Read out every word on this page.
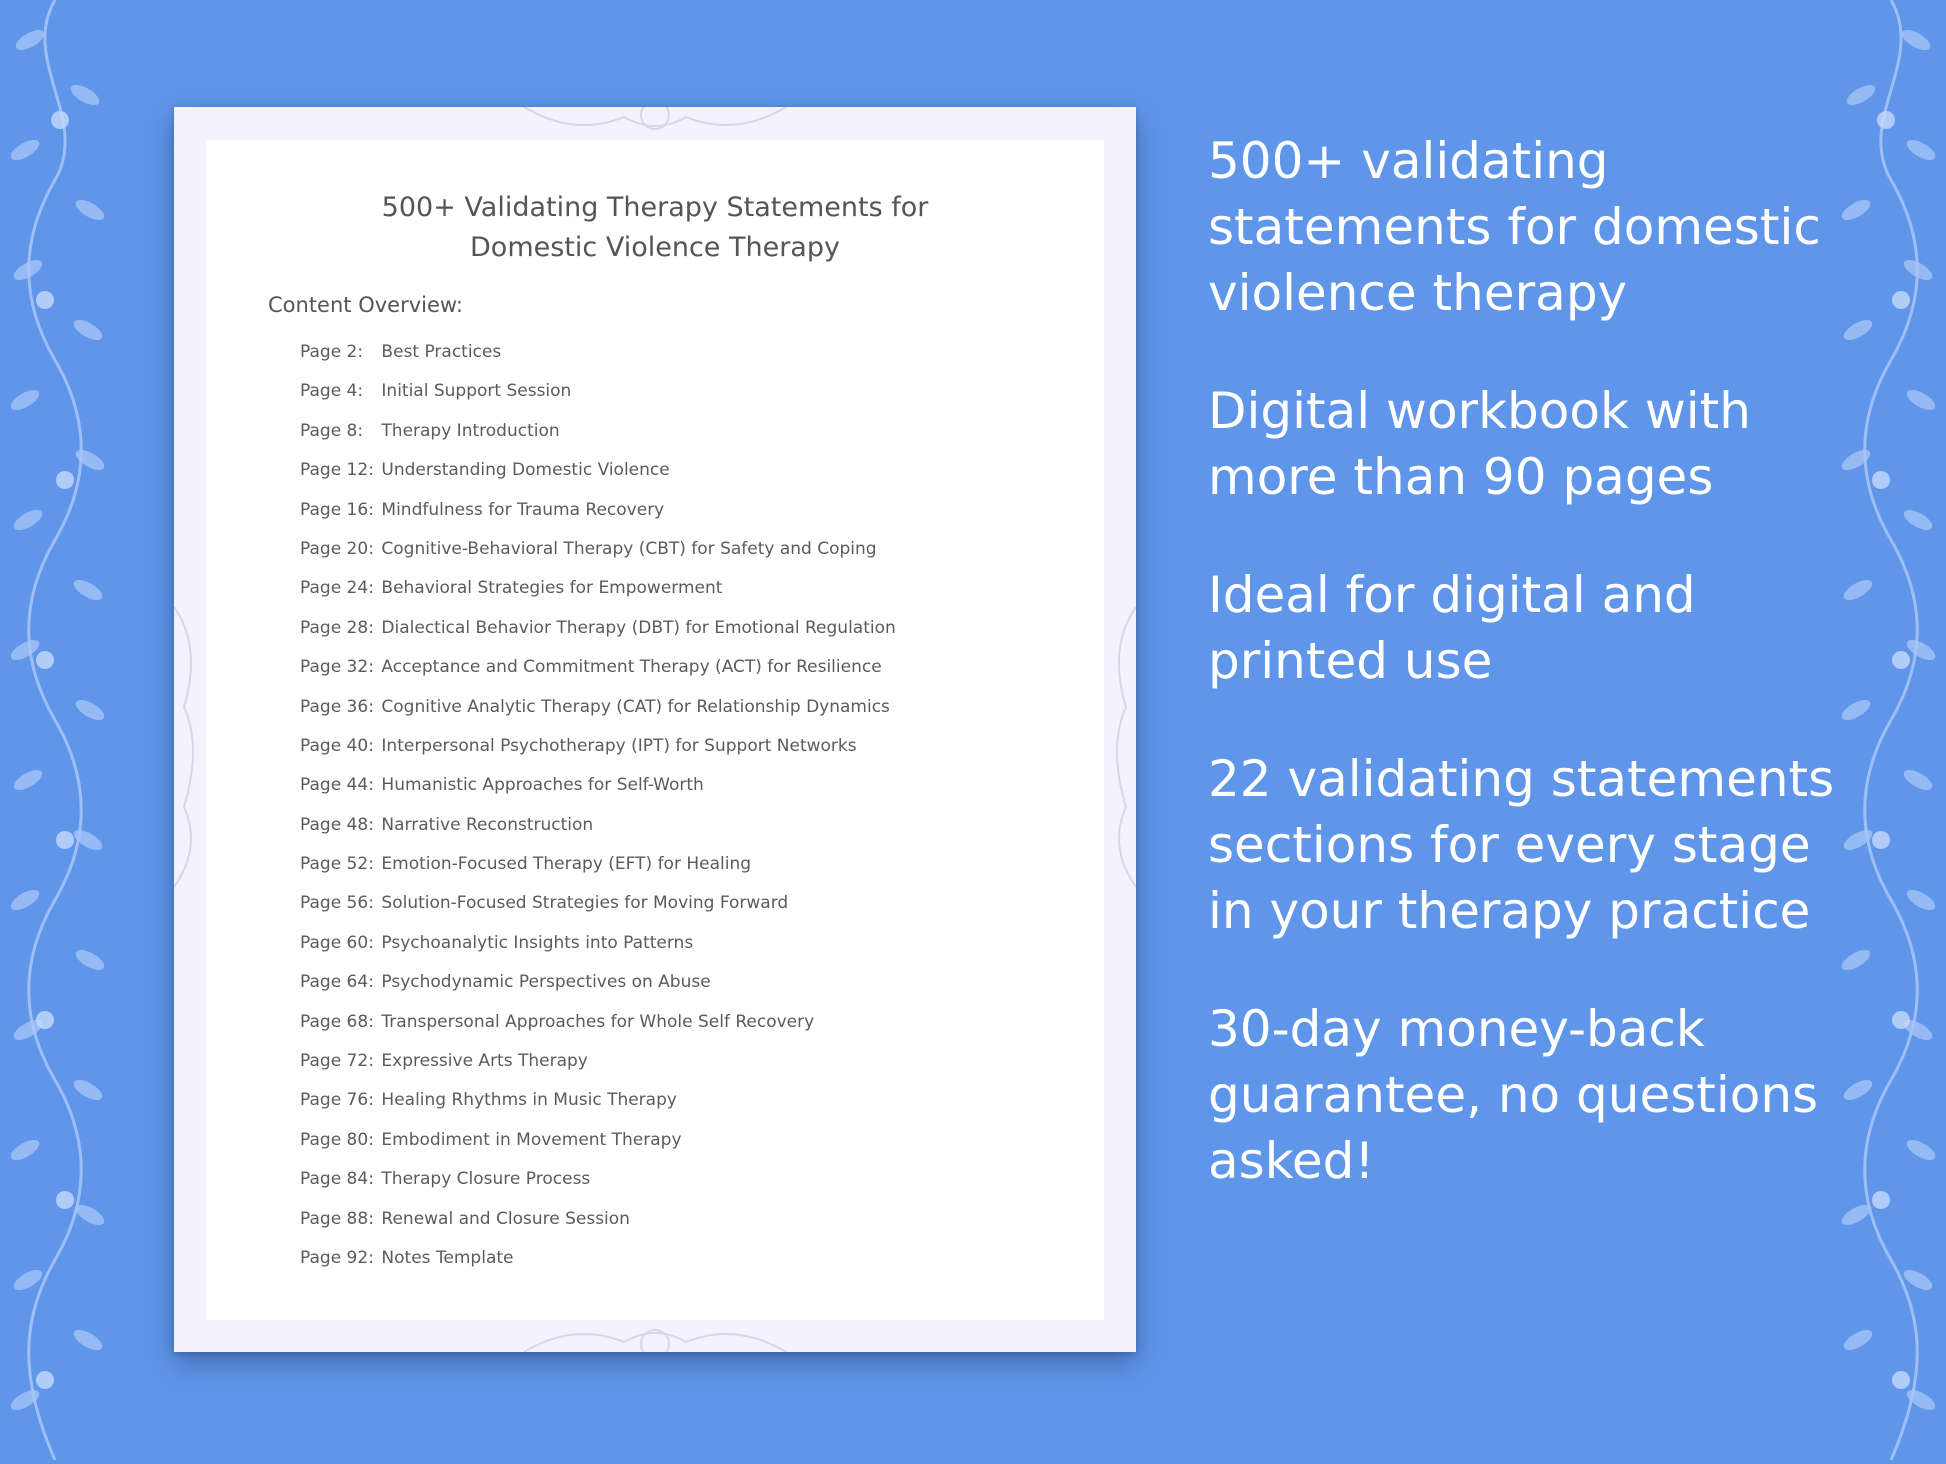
500+ Validating Therapy Statements for
Domestic Violence Therapy
Content Overview:
Page 2: Best Practices
Page 4: Initial Support Session
Page 8: Therapy Introduction
Page 12: Understanding Domestic Violence
Page 16: Mindfulness for Trauma Recovery
Page 20: Cognitive-Behavioral Therapy (CBT) for Safety and Coping
Page 24: Behavioral Strategies for Empowerment
Page 28: Dialectical Behavior Therapy (DBT) for Emotional Regulation
Page 32: Acceptance and Commitment Therapy (ACT) for Resilience
Page 36: Cognitive Analytic Therapy (CAT) for Relationship Dynamics
Page 40: Interpersonal Psychotherapy (IPT) for Support Networks
Page 44: Humanistic Approaches for Self-Worth
Page 48: Narrative Reconstruction
Page 52: Emotion-Focused Therapy (EFT) for Healing
Page 56: Solution-Focused Strategies for Moving Forward
Page 60: Psychoanalytic Insights into Patterns
Page 64: Psychodynamic Perspectives on Abuse
Page 68: Transpersonal Approaches for Whole Self Recovery
Page 72: Expressive Arts Therapy
Page 76: Healing Rhythms in Music Therapy
Page 80: Embodiment in Movement Therapy
Page 84: Therapy Closure Process
Page 88: Renewal and Closure Session
Page 92: Notes Template

500+ validating statements for domestic violence therapy

Digital workbook with more than 90 pages

Ideal for digital and printed use

22 validating statements sections for every stage in your therapy practice

30-day money-back guarantee, no questions asked!
